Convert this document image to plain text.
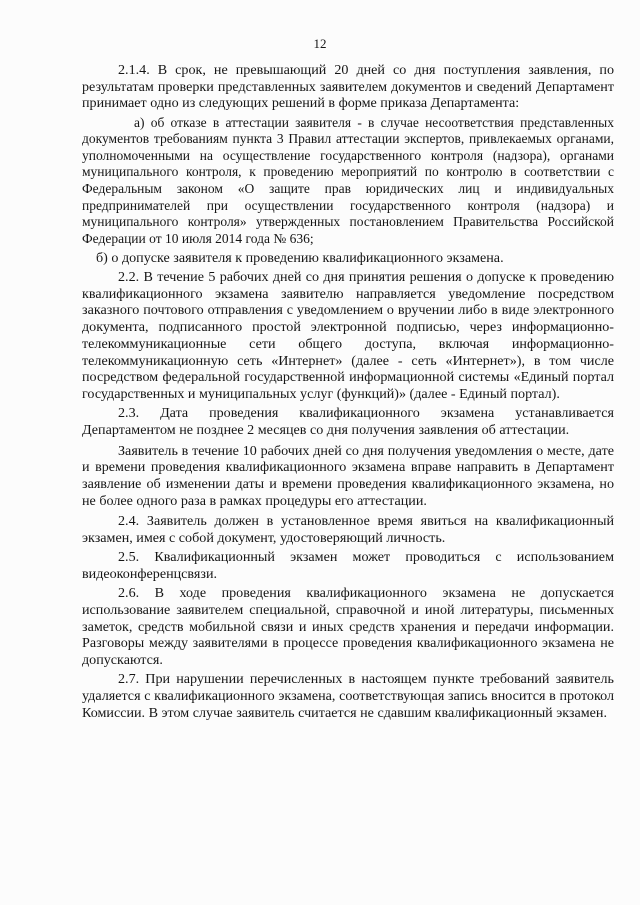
12

2.1.4. В срок, не превышающий 20 дней со дня поступления заявления, по результатам проверки представленных заявителем документов и сведений Департамент принимает одно из следующих решений в форме приказа Департамента:

а) об отказе в аттестации заявителя - в случае несоответствия представленных документов требованиям пункта 3 Правил аттестации экспертов, привлекаемых органами, уполномоченными на осуществление государственного контроля (надзора), органами муниципального контроля, к проведению мероприятий по контролю в соответствии с Федеральным законом «О защите прав юридических лиц и индивидуальных предпринимателей при осуществлении государственного контроля (надзора) и муниципального контроля» утвержденных постановлением Правительства Российской Федерации от 10 июля 2014 года № 636;

б) о допуске заявителя к проведению квалификационного экзамена.

2.2. В течение 5 рабочих дней со дня принятия решения о допуске к проведению квалификационного экзамена заявителю направляется уведомление посредством заказного почтового отправления с уведомлением о вручении либо в виде электронного документа, подписанного простой электронной подписью, через информационно-телекоммуникационные сети общего доступа, включая информационно-телекоммуникационную сеть «Интернет» (далее - сеть «Интернет»), в том числе посредством федеральной государственной информационной системы «Единый портал государственных и муниципальных услуг (функций)» (далее - Единый портал).

2.3. Дата проведения квалификационного экзамена устанавливается Департаментом не позднее 2 месяцев со дня получения заявления об аттестации.

Заявитель в течение 10 рабочих дней со дня получения уведомления о месте, дате и времени проведения квалификационного экзамена вправе направить в Департамент заявление об изменении даты и времени проведения квалификационного экзамена, но не более одного раза в рамках процедуры его аттестации.

2.4. Заявитель должен в установленное время явиться на квалификационный экзамен, имея с собой документ, удостоверяющий личность.

2.5. Квалификационный экзамен может проводиться с использованием видеоконференцсвязи.

2.6. В ходе проведения квалификационного экзамена не допускается использование заявителем специальной, справочной и иной литературы, письменных заметок, средств мобильной связи и иных средств хранения и передачи информации. Разговоры между заявителями в процессе проведения квалификационного экзамена не допускаются.

2.7. При нарушении перечисленных в настоящем пункте требований заявитель удаляется с квалификационного экзамена, соответствующая запись вносится в протокол Комиссии. В этом случае заявитель считается не сдавшим квалификационный экзамен.
